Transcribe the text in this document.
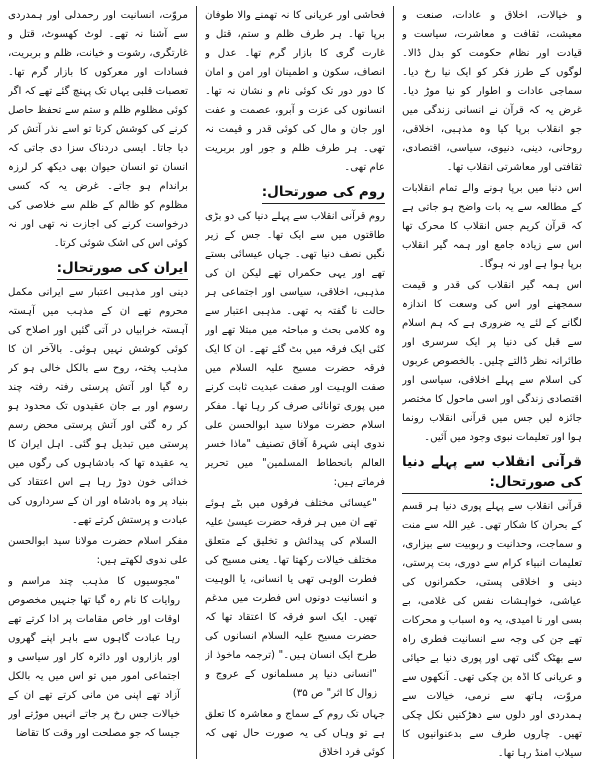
و خیالات، اخلاق و عادات، صنعت و معیشت، ثقافت و معاشرت، سیاست و قیادت اور نظام حکومت کو بدل ڈالا۔ لوگوں کے طرز فکر کو ایک نیا رخ دیا۔ سماجی عادات و اطوار کو نیا موڑ دیا۔ غرض یہ کہ قرآن نے انسانی زندگی میں جو انقلاب برپا کیا وہ مذہبی، اخلاقی، روحانی، دینی، دنیوی، سیاسی، اقتصادی، ثقافتی اور معاشرتی انقلاب تھا۔

اس دنیا میں برپا ہونے والے تمام انقلابات کے مطالعہ سے یہ بات واضح ہو جاتی ہے کہ قرآن کریم جس انقلاب کا محرک تھا اس سے زیادہ جامع اور ہمہ گیر انقلاب برپا ہوا ہے اور نہ ہوگا۔

اس ہمہ گیر انقلاب کی قدر و قیمت سمجھنے اور اس کی وسعت کا اندازہ لگانے کے لئے یہ ضروری ہے کہ ہم اسلام سے قبل کی دنیا پر ایک سرسری اور طائرانہ نظر ڈالتے چلیں۔ بالخصوص عربوں کی اسلام سے پہلے اخلاقی، سیاسی اور اقتصادی زندگی اور اسی ماحول کا مختصر جائزہ لیں جس میں قرآنی انقلاب رونما ہوا اور تعلیمات نبوی وجود میں آئیں۔

قرآنی انقلاب سے پہلے دنیا کی صورتحال:

قرآنی انقلاب سے پہلے پوری دنیا ہر قسم کے بحران کا شکار تھی۔ غیر اللہ سے منت و سماجت، وحدانیت و ربوبیت سے بیزاری، تعلیمات انبیاء کرام سے دوری، بت پرستی، دینی و اخلاقی پستی، حکمرانوں کی عیاشی، خواہشات نفس کی غلامی، بے بسی اور نا امیدی، یہ وہ اسباب و محرکات تھے جن کی وجہ سے انسانیت فطری راہ سے بھٹک گئی تھی اور پوری دنیا بے حیائی و عریانی کا اڈہ بن چکی تھی۔ آنکھوں سے مروّت، ہاتھ سے نرمی، خیالات سے ہمدردی اور دلوں سے دھڑکنیں نکل چکی تھیں۔ چاروں طرف سے بدعنوانیوں کا سیلاب امنڈ رہا تھا۔

فحاشی اور عریانی کا نہ تھمنے والا طوفان برپا تھا۔ ہر طرف ظلم و ستم، قتل و غارت گری کا بازار گرم تھا۔ عدل و انصاف، سکون و اطمینان اور امن و امان کا دور دور تک کوئی نام و نشان نہ تھا۔ انسانوں کی عزت و آبرو، عصمت و عفت اور جان و مال کی کوئی قدر و قیمت نہ تھی۔ ہر طرف ظلم و جور اور بربریت عام تھی۔

روم کی صورتحال:

روم قرآنی انقلاب سے پہلے دنیا کی دو بڑی طاقتوں میں سے ایک تھا۔ جس کے زیر نگیں نصف دنیا تھی۔ جہاں عیسائی بستے تھے اور یہی حکمراں تھے لیکن ان کی مذہبی، اخلاقی، سیاسی اور اجتماعی ہر حالت نا گفتہ بہ تھی۔ مذہبی اعتبار سے وہ کلامی بحث و مباحثہ میں مبتلا تھے اور کئی ایک فرقہ میں بٹ گئے تھے۔ ان کا ایک فرقہ حضرت مسیح علیہ السلام میں صفت الوہیت اور صفت عبدیت ثابت کرنے میں پوری توانائی صرف کر رہا تھا۔ مفکر اسلام حضرت مولانا سید ابوالحسن علی ندوی اپنی شہرۂ آفاق تصنیف "ماذا خسر العالم بانحطاط المسلمین" میں تحریر فرماتے ہیں:

"عیسائی مختلف فرقوں میں بٹے ہوئے تھے ان میں ہر فرقہ حضرت عیسیٰ علیہ السلام کی پیدائش و تخلیق کے متعلق مختلف خیالات رکھتا تھا۔ یعنی مسیح کی فطرت الوہی تھی یا انسانی، یا الوہیت و انسانیت دونوں اس فطرت میں مدغم تھیں۔ ایک اسو فرقہ کا اعتقاد تھا کہ حضرت مسیح علیہ السلام انسانوں کی طرح ایک انسان ہیں۔" (ترجمہ ماخوذ از "انسانی دنیا پر مسلمانوں کے عروج و زوال کا اثر" ص ۳۵)

جہاں تک روم کے سماج و معاشرہ کا تعلق ہے تو وہاں کی یہ صورت حال تھی کہ کوئی فرد اخلاق

مروّت، انسانیت اور رحمدلی اور ہمدردی سے آشنا نہ تھے۔ لوٹ کھسوٹ، قتل و غارتگری، رشوت و خیانت، ظلم و بربریت، فسادات اور معرکوں کا بازار گرم تھا۔ تعصبات قلبی یہاں تک پہنچ گئے تھے کہ اگر کوئی مظلوم ظلم و ستم سے تحفظ حاصل کرنے کی کوشش کرتا تو اسے نذر آتش کر دیا جاتا۔ ایسی دردناک سزا دی جاتی کہ انسان تو انسان حیوان بھی دیکھ کر لرزہ براندام ہو جاتے۔ غرض یہ کہ کسی مظلوم کو ظالم کے ظلم سے خلاصی کی درخواست کرنے کی اجازت نہ تھی اور نہ کوئی اس کی اشک شوئی کرتا۔

ایران کی صورتحال:

دینی اور مذہبی اعتبار سے ایرانی مکمل محروم تھے ان کے مذہب میں آہستہ آہستہ خرابیاں در آتی گئیں اور اصلاح کی کوئی کوشش نہیں ہوئی۔ بالآخر ان کا مذہب پختہ، روح سے بالکل خالی ہو کر رہ گیا اور آتش پرستی رفتہ رفتہ چند رسوم اور بے جان عقیدوں تک محدود ہو کر رہ گئی اور آتش پرستی محض رسم پرستی میں تبدیل ہو گئی۔ اہل ایران کا یہ عقیدہ تھا کہ بادشاہوں کی رگوں میں خدائی خون دوڑ رہا ہے اس اعتقاد کی بنیاد پر وہ بادشاہ اور ان کے سرداروں کی عبادت و پرستش کرتے تھے۔

مفکر اسلام حضرت مولانا سید ابوالحسن علی ندوی لکھتے ہیں:

"مجوسیوں کا مذہب چند مراسم و روایات کا نام رہ گیا تھا جنہیں مخصوص اوقات اور خاص مقامات پر ادا کرتے تھے رہا عبادت گاہوں سے باہر اپنے گھروں اور بازاروں اور دائرہ کار اور سیاسی و اجتماعی امور میں تو اس میں یہ بالکل آزاد تھے اپنی من مانی کرتے تھے ان کے خیالات جس رخ پر جاتے انہیں موڑتے اور جیسا کہ جو مصلحت اور وقت کا تقاضا
